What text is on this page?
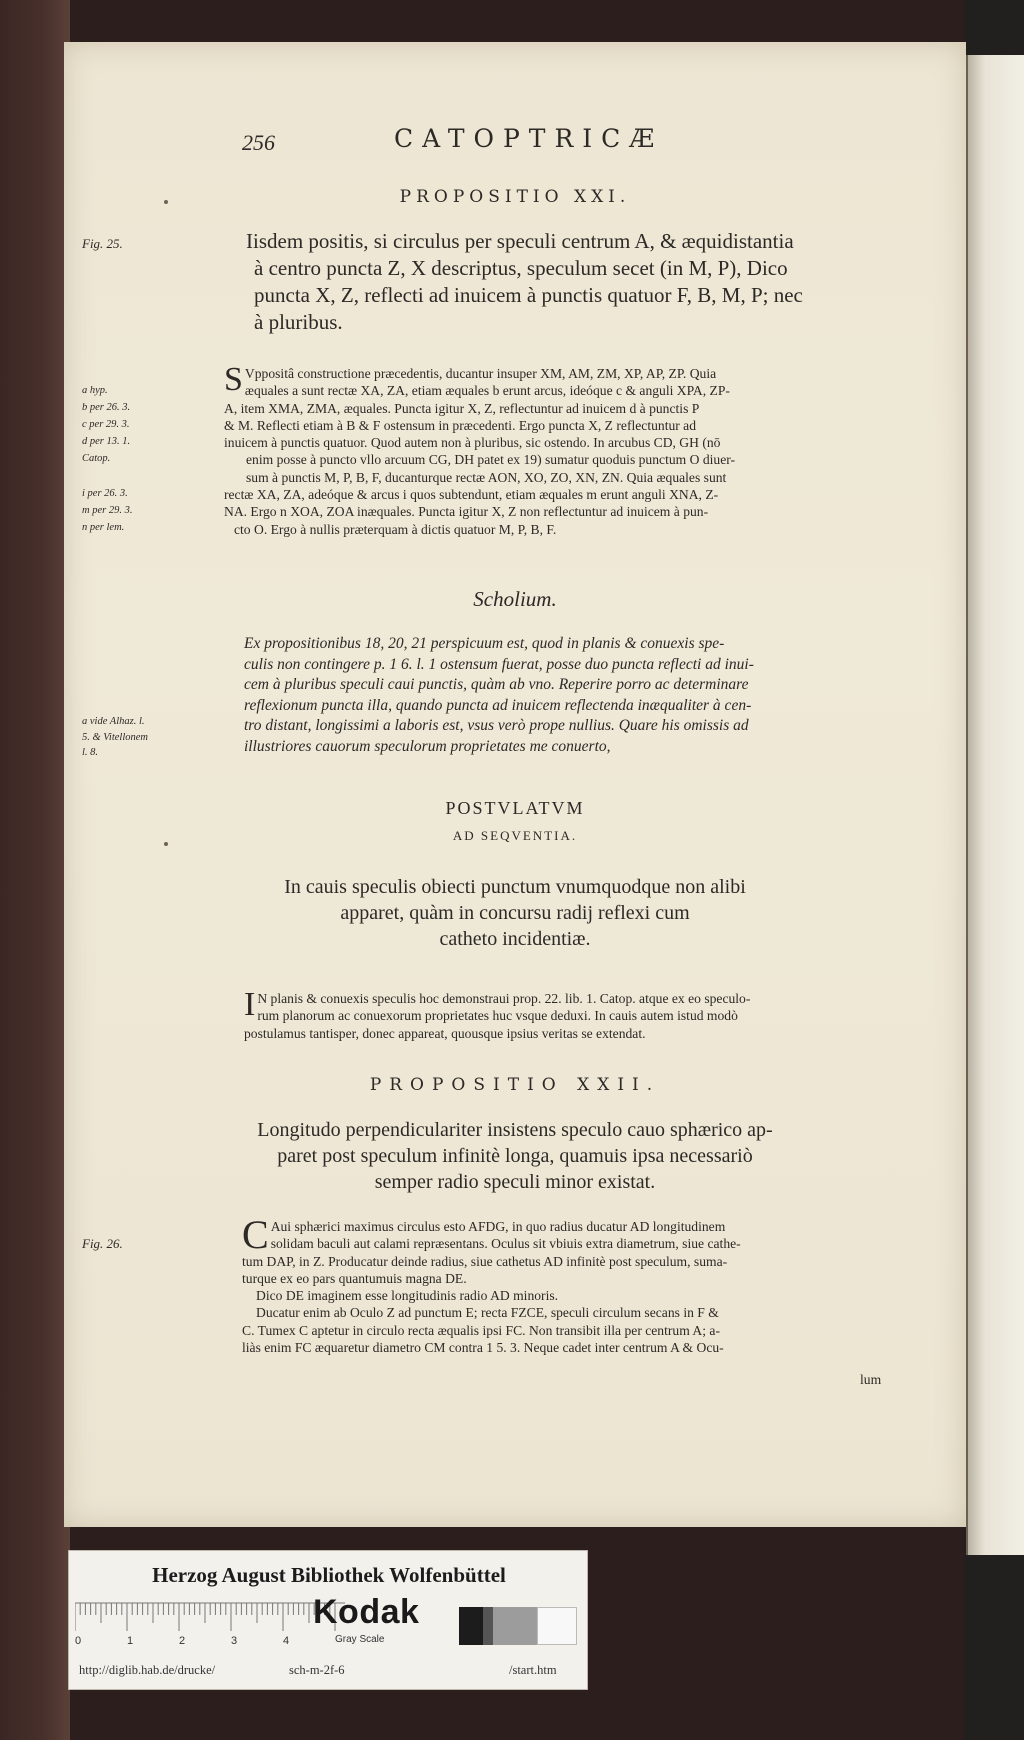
256	CATOPTRICÆ
PROPOSITIO XXI.
Fig. 25.	Iisdem positis, si circulus per speculi centrum A, & æquidistantia
à centro puncta Z, X descriptus, speculum secet (in M, P), Dico
puncta X, Z, reflecti ad inuicem à punctis quatuor F, B, M, P; nec
à pluribus.
S Vppositâ constructione præcedentis, ducantur insuper XM, AM, ZM, XP, AP, ZP. Quia
æquales a sunt rectæ XA, ZA, etiam æquales b erunt arcus, ideóque c & anguli XPA, ZP-
A, item XMA, ZMA, æquales. Puncta igitur X, Z, reflectuntur ad inuicem d à punctis P
& M. Reflecti etiam à B & F ostensum in præcedenti. Ergo puncta X, Z reflectuntur ad
inuicem à punctis quatuor. Quod autem non à pluribus, sic ostendo. In arcubus CD, GH (nō
enim posse à puncto vllo arcuum CG, DH patet ex 19) sumatur quoduis punctum O diuer-
sum à punctis M, P, B, F, ducanturque rectæ AON, XO, ZO, XN, ZN. Quia æquales sunt
rectæ XA, ZA, adeóque & arcus i quos subtendunt, etiam æquales m erunt anguli XNA, Z-
NA. Ergo n XOA, ZOA inæquales. Puncta igitur X, Z non reflectuntur ad inuicem à pun-
cto O. Ergo à nullis præterquam à dictis quatuor M, P, B, F.
a hyp.
b per 26. 3.
c per 29. 3.
d per 13. 1. Catop.
i per 26. 3.
m per 29. 3.
n per lem.
Scholium.
Ex propositionibus 18, 20, 21 perspicuum est, quod in planis & conuexis spe-
culis non contingere p. 1 6. l. 1 ostensum fuerat, posse duo puncta reflecti ad inui-
cem à pluribus speculi caui punctis, quàm ab vno. Reperire porro ac determinare
reflexionum puncta illa, quando puncta ad inuicem reflectenda inæqualiter à cen-
tro distant, longissimi a laboris est, vsus verò prope nullius. Quare his omissis ad
illustriores cauorum speculorum proprietates me conuerto,
a vide Alhaz. l. 5. & Vitellonem l. 8.
POSTVLATVM
AD SEQVENTIA.
In cauis speculis obiecti punctum vnumquodque non alibi
apparet, quàm in concursu radij reflexi cum
catheto incidentiæ.
I N planis & conuexis speculis hoc demonstraui prop. 22. lib. 1. Catop. atque ex eo speculo-
rum planorum ac conuexorum proprietates huc vsque deduxi. In cauis autem istud modò
postulamus tantisper, donec appareat, quousque ipsius veritas se extendat.
PROPOSITIO XXII.
Longitudo perpendiculariter insistens speculo cauo sphærico ap-
paret post speculum infinitè longa, quamuis ipsa necessariò
semper radio speculi minor existat.
Fig. 26.	C Aui sphærici maximus circulus esto AFDG, in quo radius ducatur AD longitudinem
solidam baculi aut calami repræsentans. Oculus sit vbiuis extra diametrum, siue cathe-
tum DAP, in Z. Producatur deinde radius, siue cathetus AD infinitè post speculum, suma-
turque ex eo pars quantumuis magna DE.
Dico DE imaginem esse longitudinis radio AD minoris.
Ducatur enim ab Oculo Z ad punctum E; recta FZCE, speculi circulum secans in F &
C. Tumex C aptetur in circulo recta æqualis ipsi FC. Non transibit illa per centrum A; a-
liàs enim FC æquaretur diametro CM contra 1 5. 3. Neque cadet inter centrum A & Ocu-
lum
Herzog August Bibliothek Wolfenbüttel
0	1	2	3	4
Kodak
Gray Scale
http://diglib.hab.de/drucke/	sch-m-2f-6	/start.htm
